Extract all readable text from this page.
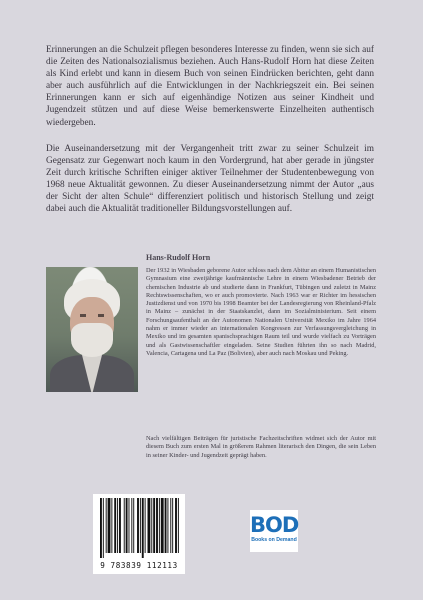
Erinnerungen an die Schulzeit pflegen besonderes Interesse zu finden, wenn sie sich auf die Zeiten des Nationalsozialismus beziehen. Auch Hans-Rudolf Horn hat diese Zeiten als Kind erlebt und kann in diesem Buch von seinen Eindrücken berichten, geht dann aber auch ausführlich auf die Entwicklungen in der Nachkriegszeit ein. Bei seinen Erinnerungen kann er sich auf eigenhändige Notizen aus seiner Kindheit und Jugendzeit stützen und auf diese Weise bemerkenswerte Einzelheiten authentisch wiedergeben.

Die Auseinandersetzung mit der Vergangenheit tritt zwar zu seiner Schulzeit im Gegensatz zur Gegenwart noch kaum in den Vordergrund, hat aber gerade in jüngster Zeit durch kritische Schriften einiger aktiver Teilnehmer der Studentenbewegung von 1968 neue Aktualität gewonnen. Zu dieser Auseinandersetzung nimmt der Autor „aus der Sicht der alten Schule“ differenziert politisch und historisch Stellung und zeigt dabei auch die Aktualität traditioneller Bildungsvorstellungen auf.

Hans-Rudolf Horn

Der 1932 in Wiesbaden geborene Autor schloss nach dem Abitur an einem Humanistischen Gymnasium eine zweijährige kaufmännische Lehre in einem Wiesbadener Betrieb der chemischen Industrie ab und studierte dann in Frankfurt, Tübingen und zuletzt in Mainz Rechtswissenschaften, wo er auch promovierte. Nach 1963 war er Richter im hessischen Justizdienst und von 1970 bis 1998 Beamter bei der Landesregierung von Rheinland-Pfalz in Mainz – zunächst in der Staatskanzlei, dann im Sozialministerium. Seit einem Forschungsaufenthalt an der Autonomen Nationalen Universität Mexiko im Jahre 1964 nahm er immer wieder an internationalen Kongressen zur Verfassungsvergleichung in Mexiko und im gesamten spanischsprachigen Raum teil und wurde vielfach zu Vorträgen und als Gastwissenschaftler eingeladen. Seine Studien führten ihn so nach Madrid, Valencia, Cartagena und La Paz (Bolivien), aber auch nach Moskau und Peking.

Nach vielfältigen Beiträgen für juristische Fachzeitschriften widmet sich der Autor mit diesem Buch zum ersten Mal in größerem Rahmen literarisch den Dingen, die sein Leben in seiner Kinder- und Jugendzeit geprägt haben.

9 783839 112113
BOD
Books on Demand
